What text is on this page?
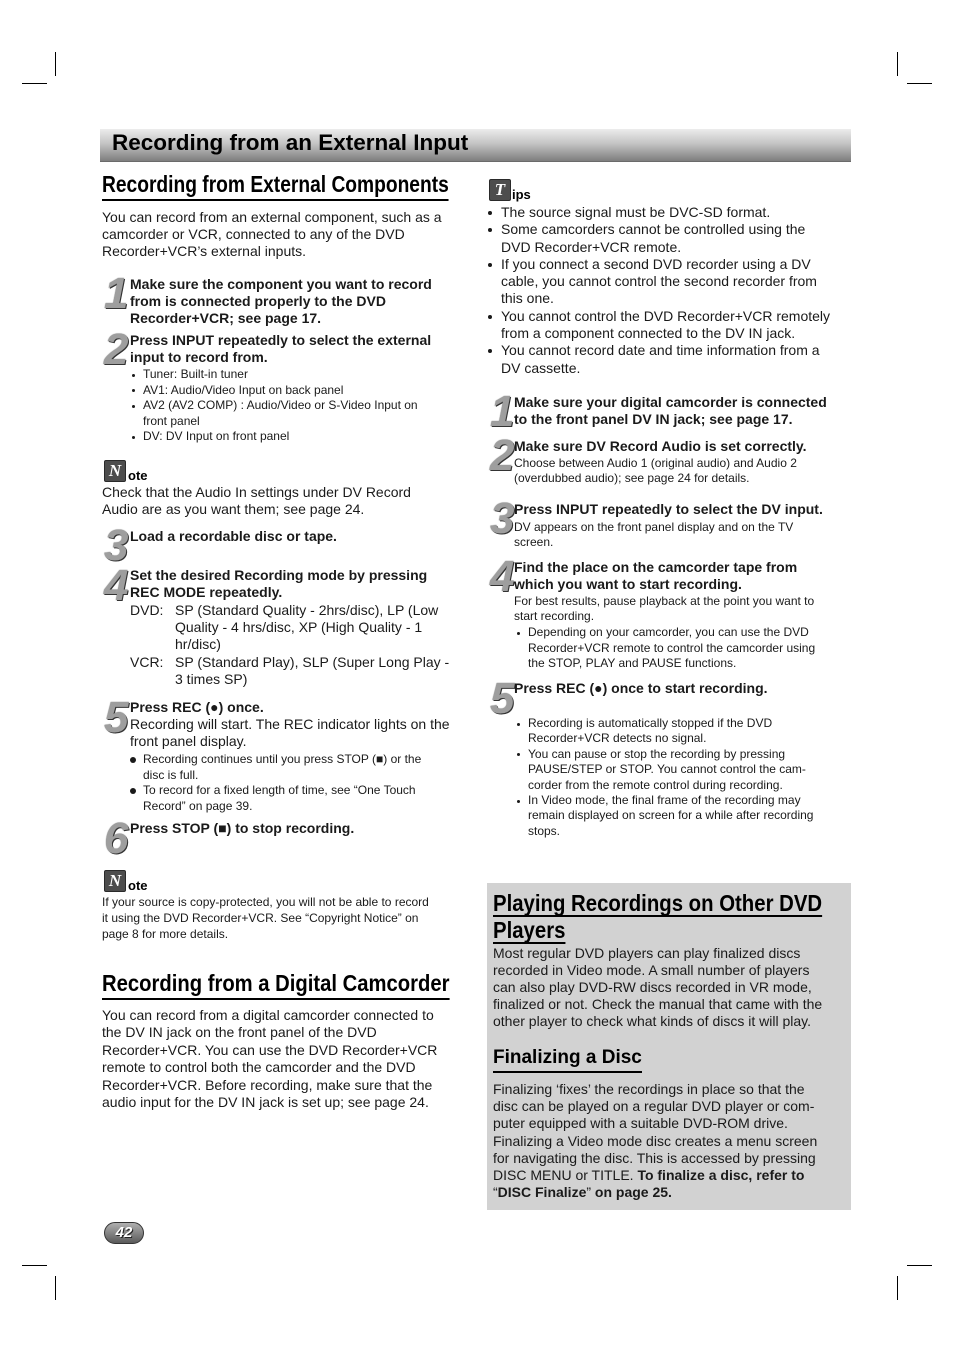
Recording from an External Input
Recording from External Components
You can record from an external component, such as a
camcorder or VCR, connected to any of the DVD
Recorder+VCR’s external inputs.
1 Make sure the component you want to record
from is connected properly to the DVD
Recorder+VCR; see page 17.
2 Press INPUT repeatedly to select the external
input to record from.
Tuner: Built-in tuner
AV1: Audio/Video Input on back panel
AV2 (AV2 COMP) : Audio/Video or S-Video Input on
front panel
DV: DV Input on front panel
N ote
Check that the Audio In settings under DV Record
Audio are as you want them; see page 24.
3 Load a recordable disc or tape.
4 Set the desired Recording mode by pressing
REC MODE repeatedly.
DVD: SP (Standard Quality - 2hrs/disc), LP (Low
Quality - 4 hrs/disc, XP (High Quality - 1
hr/disc)
VCR: SP (Standard Play), SLP (Super Long Play -
3 times SP)
5 Press REC (●) once.
Recording will start. The REC indicator lights on the
front panel display.
Recording continues until you press STOP (■) or the
disc is full.
To record for a fixed length of time, see “One Touch
Record” on page 39.
6 Press STOP (■) to stop recording.
N ote
If your source is copy-protected, you will not be able to record
it using the DVD Recorder+VCR. See “Copyright Notice” on
page 8 for more details.
Recording from a Digital Camcorder
You can record from a digital camcorder connected to
the DV IN jack on the front panel of the DVD
Recorder+VCR. You can use the DVD Recorder+VCR
remote to control both the camcorder and the DVD
Recorder+VCR. Before recording, make sure that the
audio input for the DV IN jack is set up; see page 24.
T ips
The source signal must be DVC-SD format.
Some camcorders cannot be controlled using the
DVD Recorder+VCR remote.
If you connect a second DVD recorder using a DV
cable, you cannot control the second recorder from
this one.
You cannot control the DVD Recorder+VCR remotely
from a component connected to the DV IN jack.
You cannot record date and time information from a
DV cassette.
1 Make sure your digital camcorder is connected
to the front panel DV IN jack; see page 17.
2 Make sure DV Record Audio is set correctly.
Choose between Audio 1 (original audio) and Audio 2
(overdubbed audio); see page 24 for details.
3 Press INPUT repeatedly to select the DV input.
DV appears on the front panel display and on the TV
screen.
4 Find the place on the camcorder tape from
which you want to start recording.
For best results, pause playback at the point you want to
start recording.
Depending on your camcorder, you can use the DVD
Recorder+VCR remote to control the camcorder using
the STOP, PLAY and PAUSE functions.
5 Press REC (●) once to start recording.
Recording is automatically stopped if the DVD
Recorder+VCR detects no signal.
You can pause or stop the recording by pressing
PAUSE/STEP or STOP. You cannot control the cam-
corder from the remote control during recording.
In Video mode, the final frame of the recording may
remain displayed on screen for a while after recording
stops.
Playing Recordings on Other DVD
Players
Most regular DVD players can play finalized discs
recorded in Video mode. A small number of players
can also play DVD-RW discs recorded in VR mode,
finalized or not. Check the manual that came with the
other player to check what kinds of discs it will play.
Finalizing a Disc
Finalizing ‘fixes’ the recordings in place so that the
disc can be played on a regular DVD player or com-
puter equipped with a suitable DVD-ROM drive.
Finalizing a Video mode disc creates a menu screen
for navigating the disc. This is accessed by pressing
DISC MENU or TITLE. To finalize a disc, refer to
“DISC Finalize” on page 25.
42
